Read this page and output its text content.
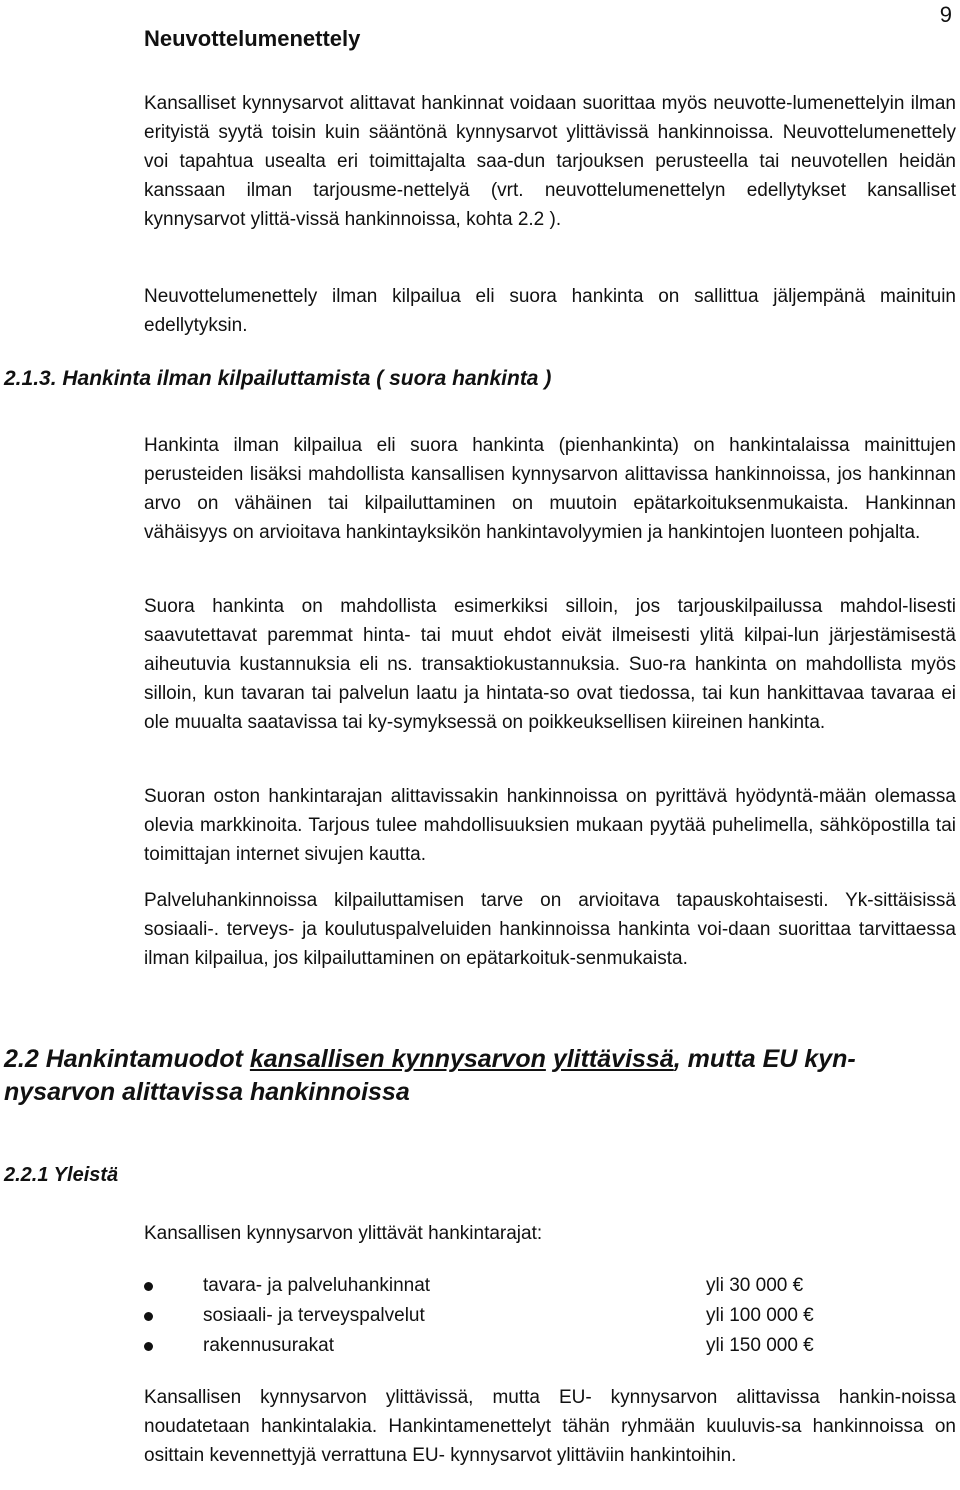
9
Neuvottelumenettely
Kansalliset kynnysarvot alittavat hankinnat voidaan suorittaa myös neuvotte-lumenettelyin ilman erityistä syytä toisin kuin sääntönä kynnysarvot ylittävissä hankinnoissa. Neuvottelumenettely voi tapahtua usealta eri toimittajalta saa-dun tarjouksen perusteella tai neuvotellen heidän kanssaan ilman tarjousme-nettelyä (vrt. neuvottelumenettelyn edellytykset kansalliset kynnysarvot ylittä-vissä hankinnoissa, kohta 2.2 ).
Neuvottelumenettely ilman kilpailua eli suora hankinta on sallittua jäljempänä mainituin edellytyksin.
2.1.3. Hankinta ilman kilpailuttamista ( suora hankinta )
Hankinta ilman kilpailua eli suora hankinta (pienhankinta) on hankintalaissa mainittujen perusteiden lisäksi mahdollista kansallisen kynnysarvon alittavissa hankinnoissa, jos hankinnan arvo on vähäinen tai kilpailuttaminen on muutoin epätarkoituksenmukaista. Hankinnan vähäisyys on arvioitava hankintayksikön hankintavolyymien ja hankintojen luonteen pohjalta.
Suora hankinta on mahdollista esimerkiksi silloin, jos tarjouskilpailussa mahdol-lisesti saavutettavat paremmat hinta- tai muut ehdot eivät ilmeisesti ylitä kilpai-lun järjestämisestä aiheutuvia kustannuksia eli ns. transaktiokustannuksia. Suo-ra hankinta on mahdollista myös silloin, kun tavaran tai palvelun laatu ja hintata-so ovat tiedossa, tai kun hankittavaa tavaraa ei ole muualta saatavissa tai ky-symyksessä on poikkeuksellisen kiireinen hankinta.
Suoran oston hankintarajan alittavissakin hankinnoissa on pyrittävä hyödyntä-mään olemassa olevia markkinoita. Tarjous tulee mahdollisuuksien mukaan pyytää puhelimella, sähköpostilla tai toimittajan internet sivujen kautta.
Palveluhankinnoissa kilpailuttamisen tarve on arvioitava tapauskohtaisesti. Yk-sittäisissä sosiaali-. terveys- ja koulutuspalveluiden hankinnoissa hankinta voi-daan suorittaa tarvittaessa ilman kilpailua, jos kilpailuttaminen on epätarkoituk-senmukaista.
2.2 Hankintamuodot kansallisen kynnysarvon ylittävissä, mutta EU kyn-nysarvon alittavissa hankinnoissa
2.2.1 Yleistä
Kansallisen kynnysarvon ylittävät hankintarajat:
tavara- ja palveluhankinnat	yli 30 000 €
sosiaali- ja terveyspalvelut	yli 100 000 €
rakennusurakat	yli 150 000 €
Kansallisen kynnysarvon ylittävissä, mutta EU- kynnysarvon alittavissa hankin-noissa noudatetaan hankintalakia. Hankintamenettelyt tähän ryhmään kuuluvis-sa hankinnoissa on osittain kevennettyjä verrattuna EU- kynnysarvot ylittäviin hankintoihin.
